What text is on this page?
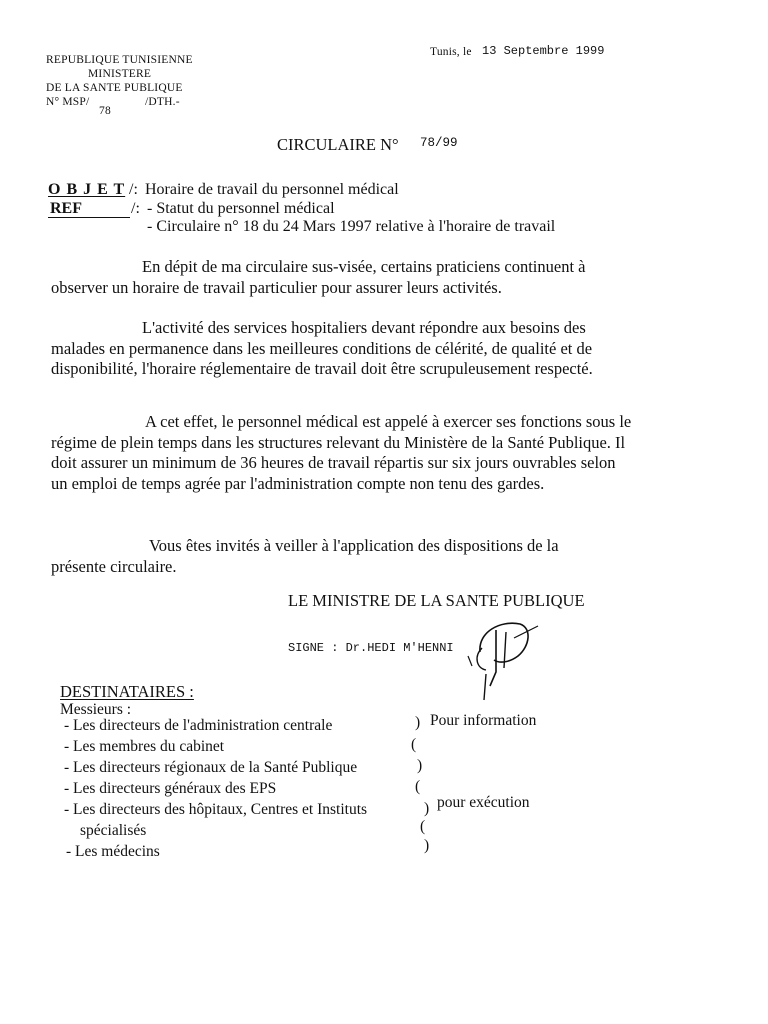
REPUBLIQUE TUNISIENNE
MINISTERE
DE LA SANTE PUBLIQUE
N° MSP/	/DTH.-
78
Tunis, le 13 Septembre 1999
CIRCULAIRE N° 78/99
O B J E T /: Horaire de travail du personnel médical
REF	/: - Statut du personnel médical
- Circulaire n° 18 du 24 Mars 1997 relative à l'horaire de travail

En dépit de ma circulaire sus-visée, certains praticiens continuent à observer un horaire de travail particulier pour assurer leurs activités.

L'activité des services hospitaliers devant répondre aux besoins des malades en permanence dans les meilleures conditions de célérité, de qualité et de disponibilité, l'horaire réglementaire de travail doit être scrupuleusement respecté.

A cet effet, le personnel médical est appelé à exercer ses fonctions sous le régime de plein temps dans les structures relevant du Ministère de la Santé Publique. Il doit assurer un minimum de 36 heures de travail répartis sur six jours ouvrables selon un emploi de temps agrée par l'administration compte non tenu des gardes.

Vous êtes invités à veiller à l'application des dispositions de la présente circulaire.

LE MINISTRE DE LA SANTE PUBLIQUE
SIGNE : Dr.HEDI M'HENNI
DESTINATAIRES :
Messieurs :
- Les directeurs de l'administration centrale
- Les membres du cabinet
- Les directeurs régionaux de la Santé Publique
- Les directeurs généraux des EPS
- Les directeurs des hôpitaux, Centres et Instituts
spécialisés
- Les médecins
) Pour information
(
)
(
) pour exécution
(
)
